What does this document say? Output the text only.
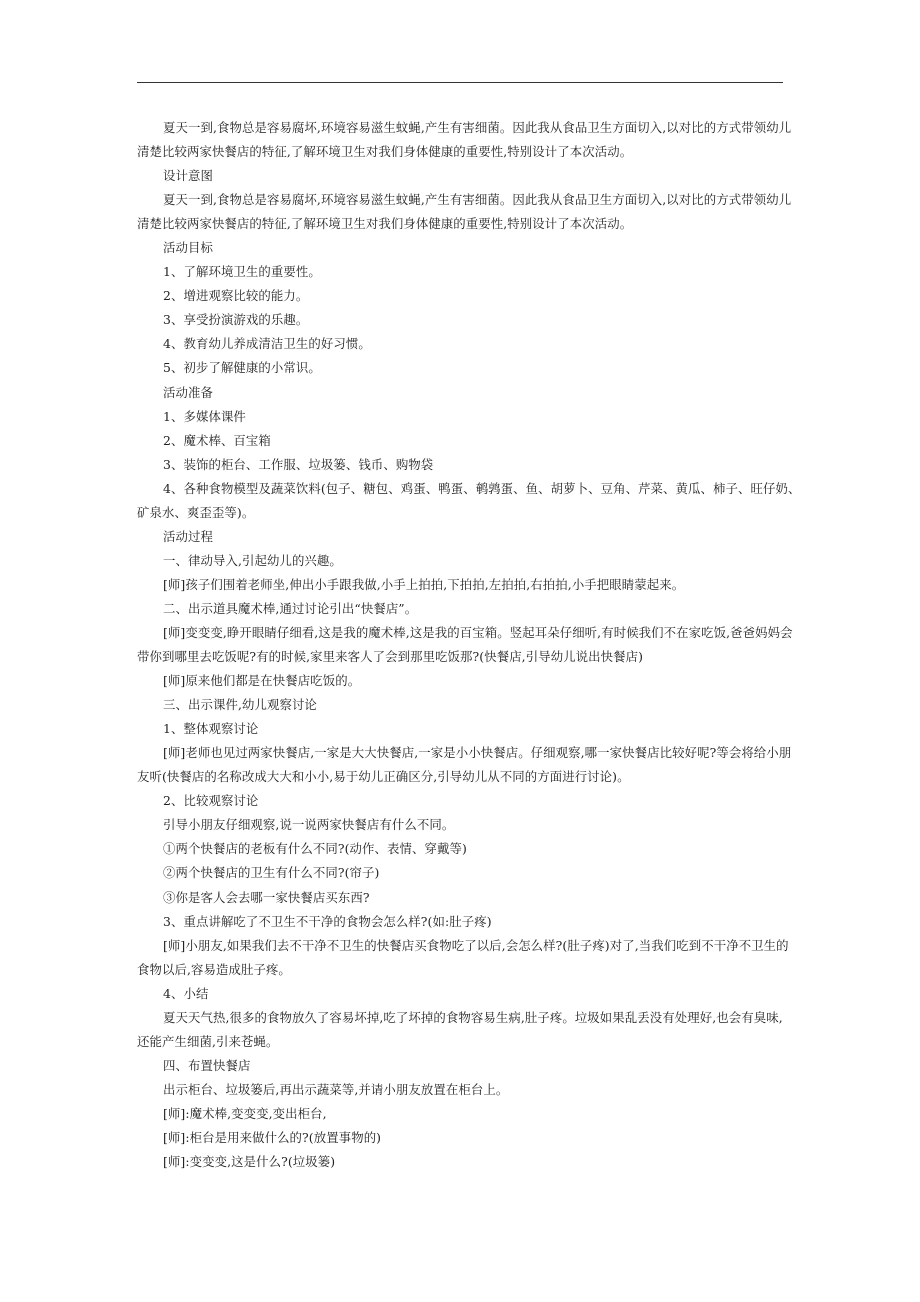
夏天一到,食物总是容易腐坏,环境容易滋生蚊蝇,产生有害细菌。因此我从食品卫生方面切入,以对比的方式带领幼儿
清楚比较两家快餐店的特征,了解环境卫生对我们身体健康的重要性,特别设计了本次活动。
设计意图
夏天一到,食物总是容易腐坏,环境容易滋生蚊蝇,产生有害细菌。因此我从食品卫生方面切入,以对比的方式带领幼儿
清楚比较两家快餐店的特征,了解环境卫生对我们身体健康的重要性,特别设计了本次活动。
活动目标
1、了解环境卫生的重要性。
2、增进观察比较的能力。
3、享受扮演游戏的乐趣。
4、教育幼儿养成清洁卫生的好习惯。
5、初步了解健康的小常识。
活动准备
1、多媒体课件
2、魔术棒、百宝箱
3、装饰的柜台、工作服、垃圾篓、钱币、购物袋
4、各种食物模型及蔬菜饮料(包子、糖包、鸡蛋、鸭蛋、鹌鹑蛋、鱼、胡萝卜、豆角、芹菜、黄瓜、柿子、旺仔奶、
矿泉水、爽歪歪等)。
活动过程
一、律动导入,引起幼儿的兴趣。
[师]孩子们围着老师坐,伸出小手跟我做,小手上拍拍,下拍拍,左拍拍,右拍拍,小手把眼睛蒙起来。
二、出示道具魔术棒,通过讨论引出“快餐店”。
[师]变变变,睁开眼睛仔细看,这是我的魔术棒,这是我的百宝箱。竖起耳朵仔细听,有时候我们不在家吃饭,爸爸妈妈会
带你到哪里去吃饭呢?有的时候,家里来客人了会到那里吃饭那?(快餐店,引导幼儿说出快餐店)
[师]原来他们都是在快餐店吃饭的。
三、出示课件,幼儿观察讨论
1、整体观察讨论
[师]老师也见过两家快餐店,一家是大大快餐店,一家是小小快餐店。仔细观察,哪一家快餐店比较好呢?等会将给小朋
友听(快餐店的名称改成大大和小小,易于幼儿正确区分,引导幼儿从不同的方面进行讨论)。
2、比较观察讨论
引导小朋友仔细观察,说一说两家快餐店有什么不同。
①两个快餐店的老板有什么不同?(动作、表情、穿戴等)
②两个快餐店的卫生有什么不同?(帘子)
③你是客人会去哪一家快餐店买东西?
3、重点讲解吃了不卫生不干净的食物会怎么样?(如:肚子疼)
[师]小朋友,如果我们去不干净不卫生的快餐店买食物吃了以后,会怎么样?(肚子疼)对了,当我们吃到不干净不卫生的
食物以后,容易造成肚子疼。
4、小结
夏天天气热,很多的食物放久了容易坏掉,吃了坏掉的食物容易生病,肚子疼。垃圾如果乱丢没有处理好,也会有臭味,
还能产生细菌,引来苍蝇。
四、布置快餐店
出示柜台、垃圾篓后,再出示蔬菜等,并请小朋友放置在柜台上。
[师]:魔术棒,变变变,变出柜台,
[师]:柜台是用来做什么的?(放置事物的)
[师]:变变变,这是什么?(垃圾篓)
